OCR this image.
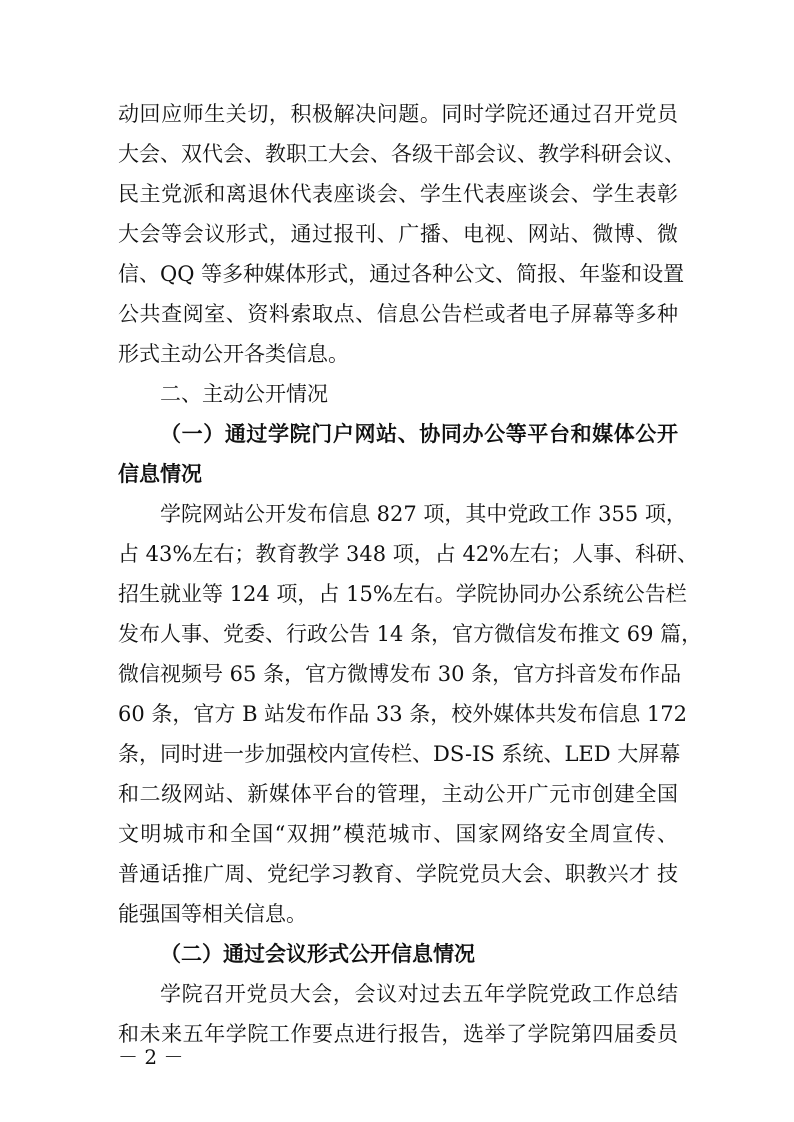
动回应师生关切，积极解决问题。同时学院还通过召开党员
大会、双代会、教职工大会、各级干部会议、教学科研会议、
民主党派和离退休代表座谈会、学生代表座谈会、学生表彰
大会等会议形式，通过报刊、广播、电视、网站、微博、微
信、QQ 等多种媒体形式，通过各种公文、简报、年鉴和设置
公共查阅室、资料索取点、信息公告栏或者电子屏幕等多种
形式主动公开各类信息。
二、主动公开情况
（一）通过学院门户网站、协同办公等平台和媒体公开
信息情况
学院网站公开发布信息 827 项，其中党政工作 355 项，
占 43%左右；教育教学 348 项，占 42%左右；人事、科研、
招生就业等 124 项，占 15%左右。学院协同办公系统公告栏
发布人事、党委、行政公告 14 条，官方微信发布推文 69 篇，
微信视频号 65 条，官方微博发布 30 条，官方抖音发布作品
60 条，官方 B 站发布作品 33 条，校外媒体共发布信息 172
条，同时进一步加强校内宣传栏、DS-IS 系统、LED 大屏幕
和二级网站、新媒体平台的管理，主动公开广元市创建全国
文明城市和全国“双拥”模范城市、国家网络安全周宣传、
普通话推广周、党纪学习教育、学院党员大会、职教兴才 技
能强国等相关信息。
（二）通过会议形式公开信息情况
学院召开党员大会，会议对过去五年学院党政工作总结
和未来五年学院工作要点进行报告，选举了学院第四届委员
－ 2 －
